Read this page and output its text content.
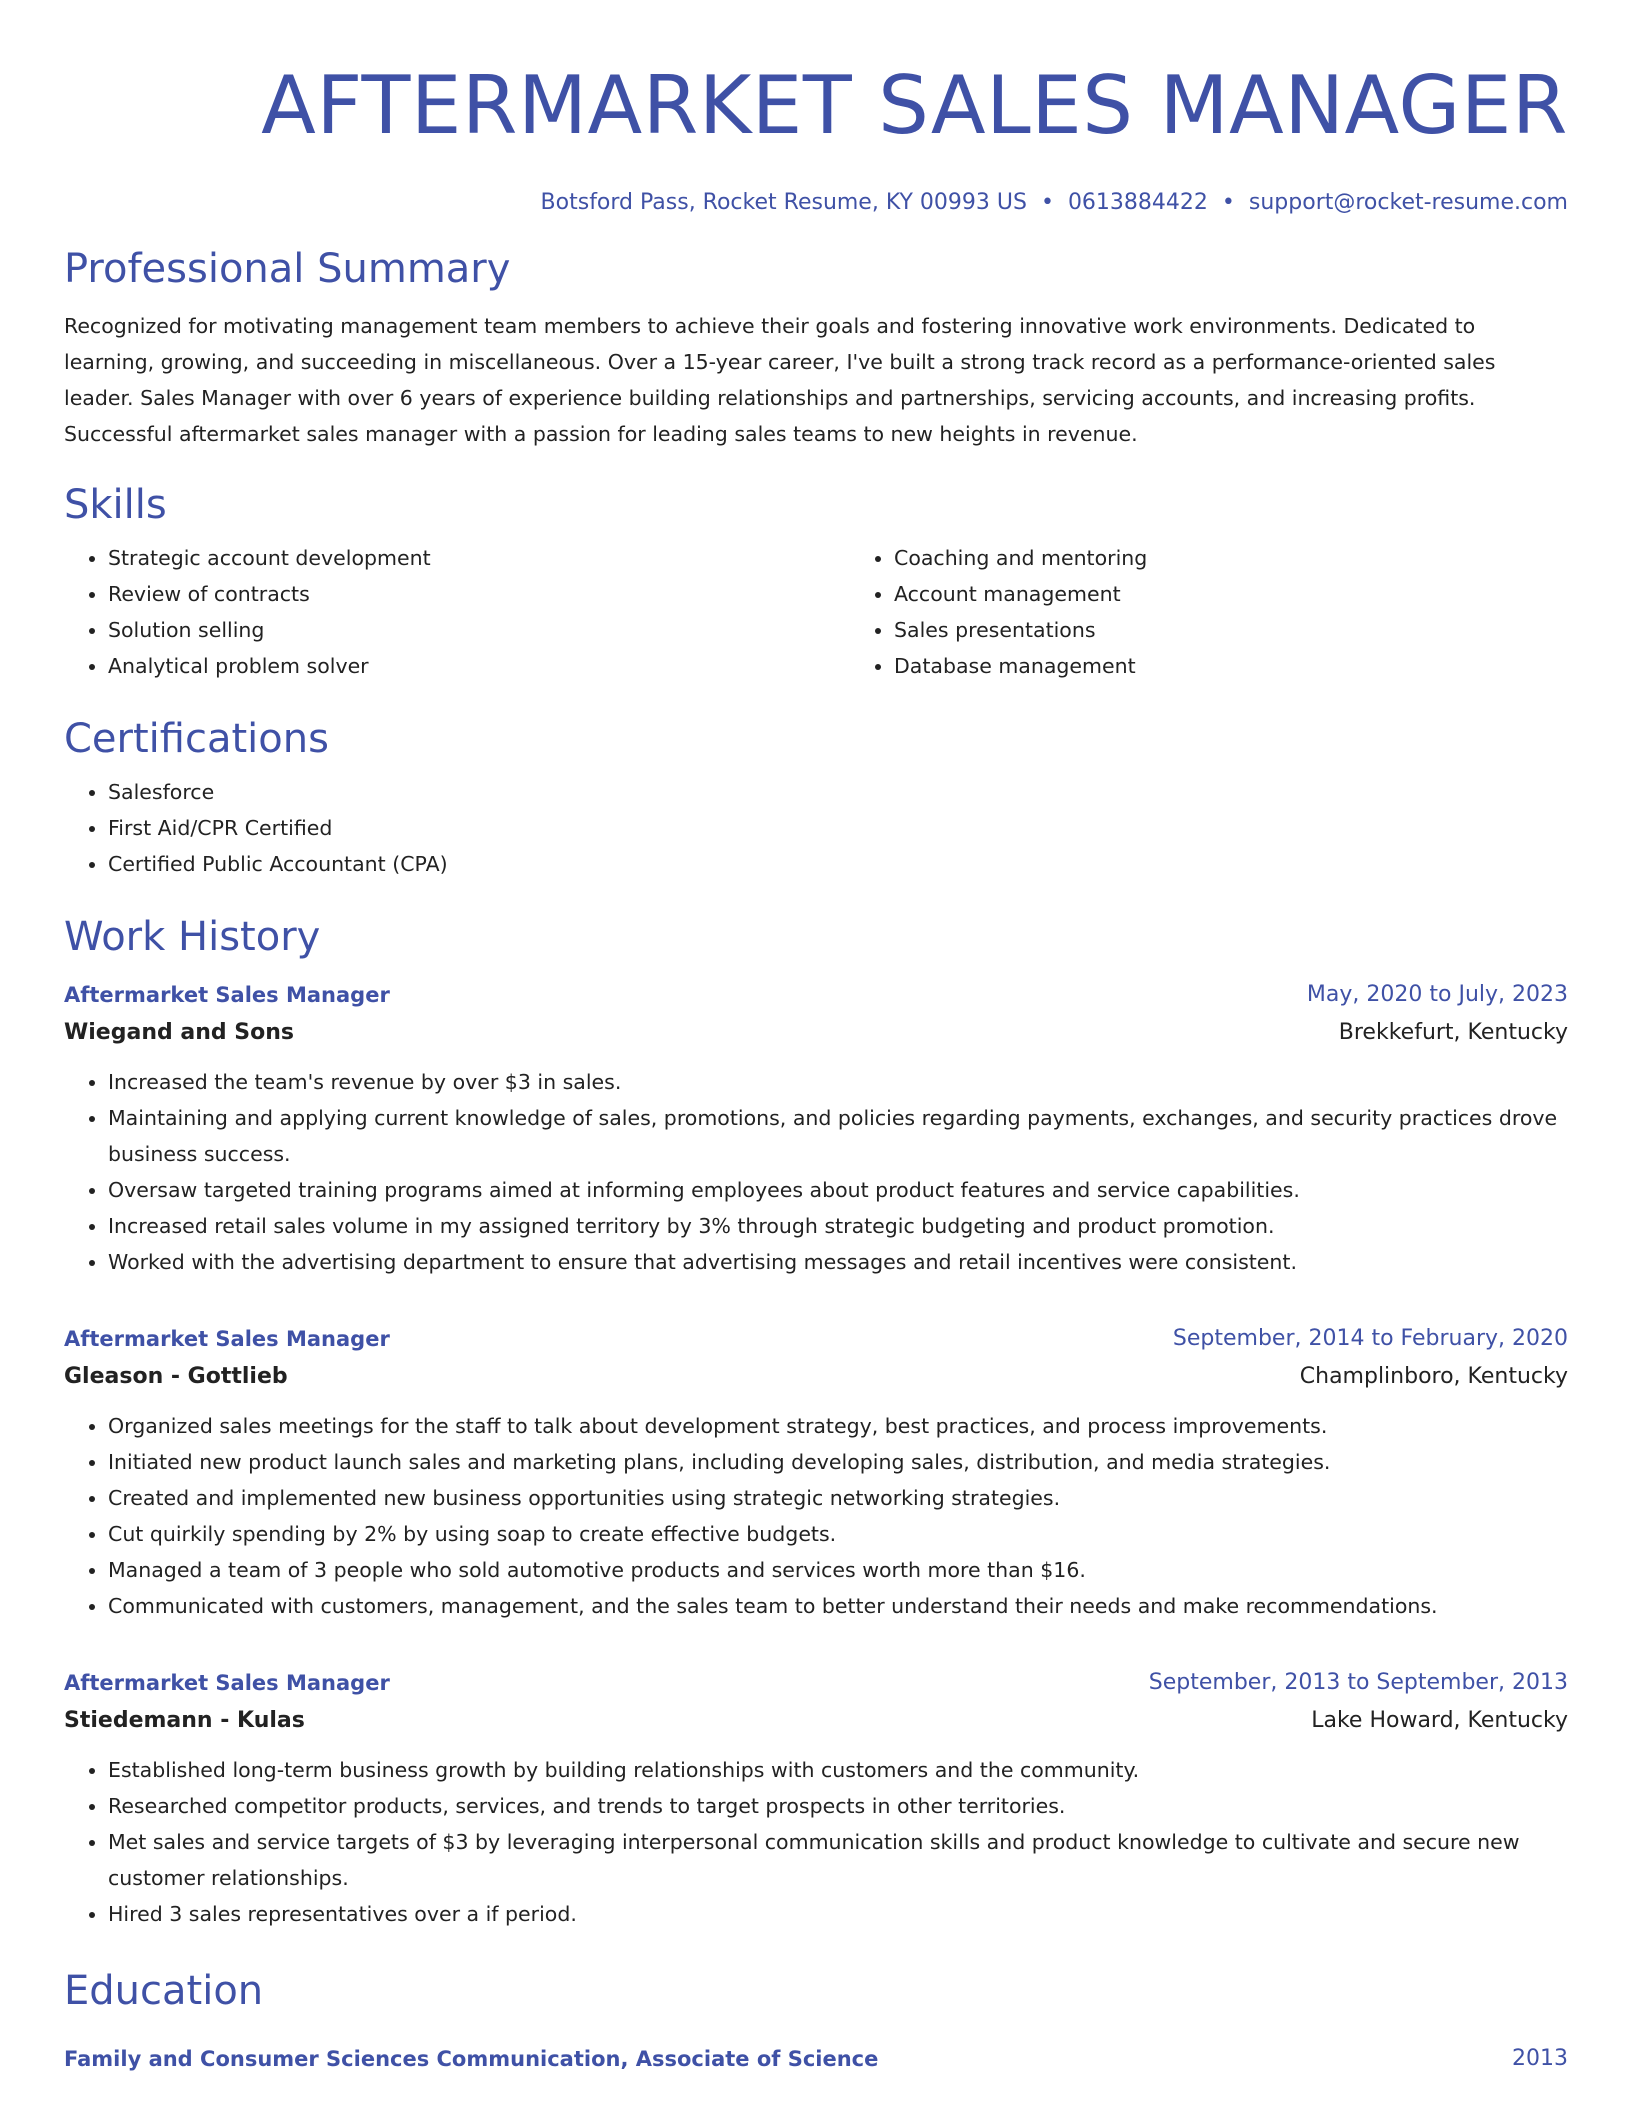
AFTERMARKET SALES MANAGER
Botsford Pass, Rocket Resume, KY 00993 US • 0613884422 • support@rocket-resume.com
Professional Summary

Recognized for motivating management team members to achieve their goals and fostering innovative work environments. Dedicated to learning, growing, and succeeding in miscellaneous. Over a 15-year career, I've built a strong track record as a performance-oriented sales leader. Sales Manager with over 6 years of experience building relationships and partnerships, servicing accounts, and increasing profits. Successful aftermarket sales manager with a passion for leading sales teams to new heights in revenue.

Skills
• Strategic account development
• Review of contracts
• Solution selling
• Analytical problem solver
• Coaching and mentoring
• Account management
• Sales presentations
• Database management
Certifications
• Salesforce
• First Aid/CPR Certified
• Certified Public Accountant (CPA)
Work History
Aftermarket Sales Manager	May, 2020 to July, 2023
Wiegand and Sons	Brekkefurt, Kentucky
• Increased the team's revenue by over $3 in sales.
• Maintaining and applying current knowledge of sales, promotions, and policies regarding payments, exchanges, and security practices drove business success.
• Oversaw targeted training programs aimed at informing employees about product features and service capabilities.
• Increased retail sales volume in my assigned territory by 3% through strategic budgeting and product promotion.
• Worked with the advertising department to ensure that advertising messages and retail incentives were consistent.
Aftermarket Sales Manager	September, 2014 to February, 2020
Gleason - Gottlieb	Champlinboro, Kentucky
• Organized sales meetings for the staff to talk about development strategy, best practices, and process improvements.
• Initiated new product launch sales and marketing plans, including developing sales, distribution, and media strategies.
• Created and implemented new business opportunities using strategic networking strategies.
• Cut quirkily spending by 2% by using soap to create effective budgets.
• Managed a team of 3 people who sold automotive products and services worth more than $16.
• Communicated with customers, management, and the sales team to better understand their needs and make recommendations.
Aftermarket Sales Manager	September, 2013 to September, 2013
Stiedemann - Kulas	Lake Howard, Kentucky
• Established long-term business growth by building relationships with customers and the community.
• Researched competitor products, services, and trends to target prospects in other territories.
• Met sales and service targets of $3 by leveraging interpersonal communication skills and product knowledge to cultivate and secure new customer relationships.
• Hired 3 sales representatives over a if period.
Education
Family and Consumer Sciences Communication, Associate of Science	2013
